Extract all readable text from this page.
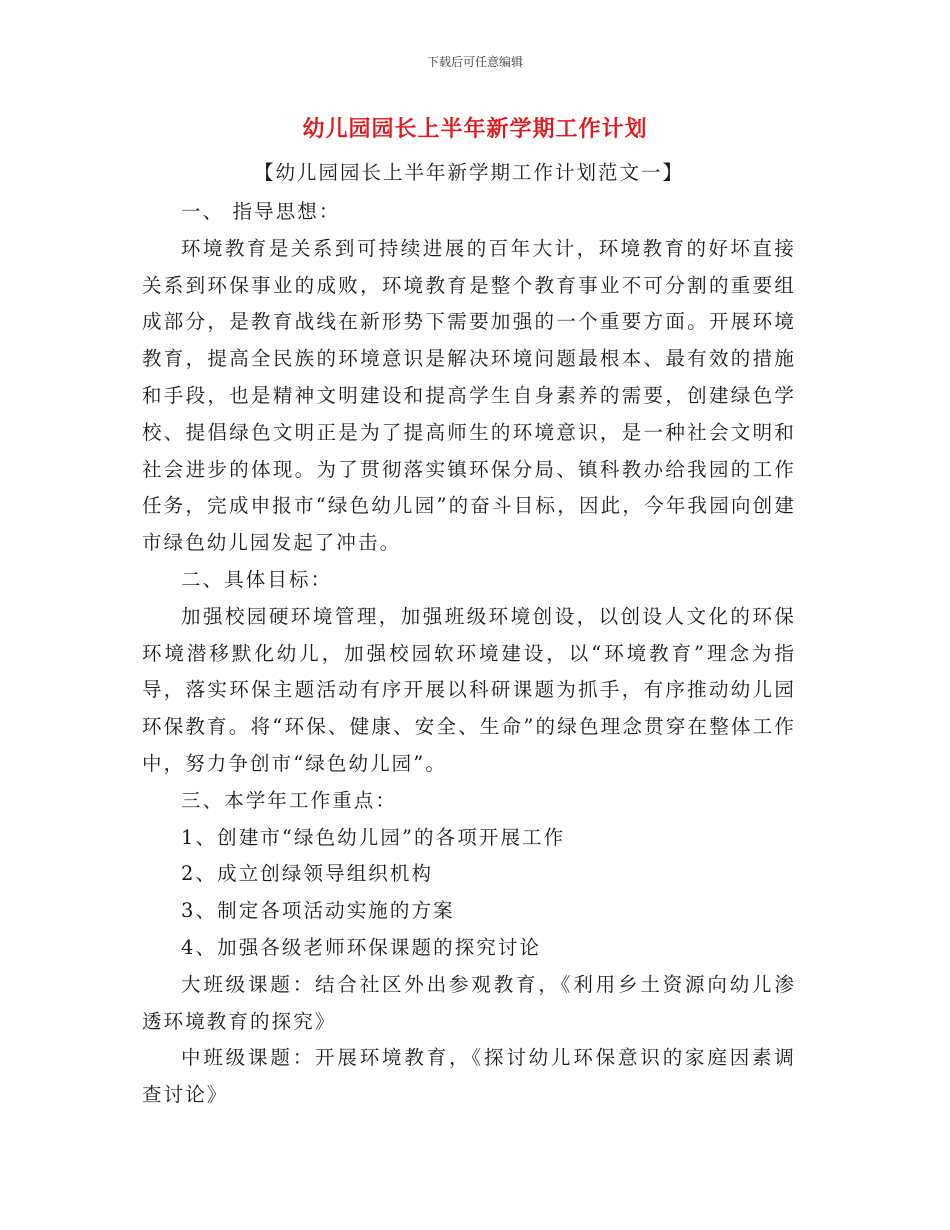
下载后可任意编辑
幼儿园园长上半年新学期工作计划
【幼儿园园长上半年新学期工作计划范文一】

一、 指导思想：

环境教育是关系到可持续进展的百年大计，环境教育的好坏直接关系到环保事业的成败，环境教育是整个教育事业不可分割的重要组成部分，是教育战线在新形势下需要加强的一个重要方面。开展环境教育，提高全民族的环境意识是解决环境问题最根本、最有效的措施和手段，也是精神文明建设和提高学生自身素养的需要，创建绿色学校、提倡绿色文明正是为了提高师生的环境意识，是一种社会文明和社会进步的体现。为了贯彻落实镇环保分局、镇科教办给我园的工作任务，完成申报市“绿色幼儿园”的奋斗目标，因此，今年我园向创建市绿色幼儿园发起了冲击。

二、具体目标：

加强校园硬环境管理，加强班级环境创设，以创设人文化的环保环境潜移默化幼儿，加强校园软环境建设，以“环境教育”理念为指导，落实环保主题活动有序开展以科研课题为抓手，有序推动幼儿园环保教育。将“环保、健康、安全、生命”的绿色理念贯穿在整体工作中，努力争创市“绿色幼儿园”。

三、本学年工作重点：

1、创建市“绿色幼儿园”的各项开展工作

2、成立创绿领导组织机构

3、制定各项活动实施的方案

4、加强各级老师环保课题的探究讨论

大班级课题：结合社区外出参观教育，《利用乡土资源向幼儿渗透环境教育的探究》

中班级课题：开展环境教育，《探讨幼儿环保意识的家庭因素调查讨论》
